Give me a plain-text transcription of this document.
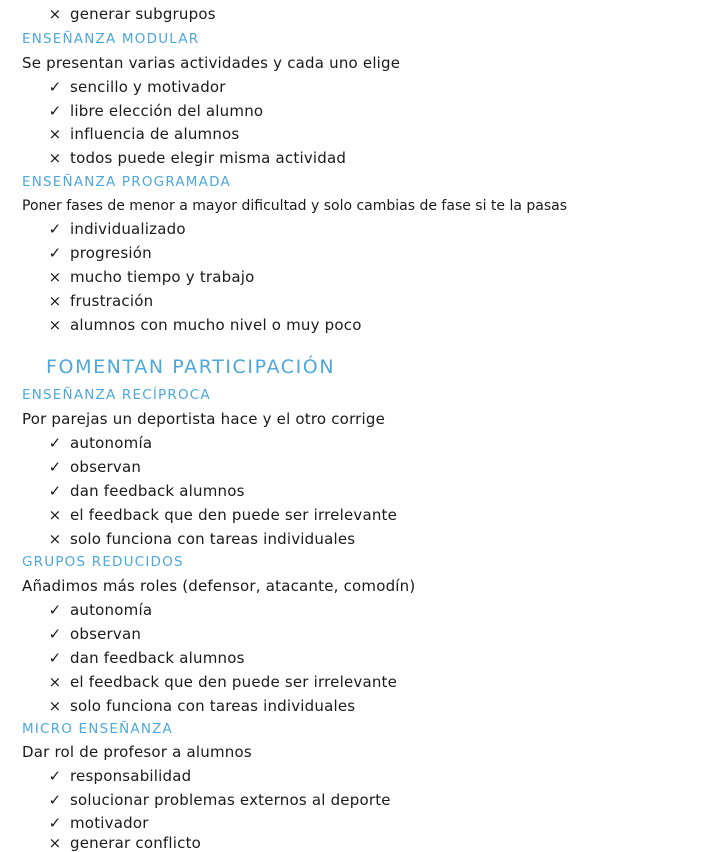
× generar subgrupos
ENSEÑANZA MODULAR
Se presentan varias actividades y cada uno elige
✓ sencillo y motivador
✓ libre elección del alumno
× influencia de alumnos
× todos puede elegir misma actividad
ENSEÑANZA PROGRAMADA
Poner fases de menor a mayor dificultad y solo cambias de fase si te la pasas
✓ individualizado
✓ progresión
× mucho tiempo y trabajo
× frustración
× alumnos con mucho nivel o muy poco
FOMENTAN PARTICIPACIÓN
ENSEÑANZA RECÍPROCA
Por parejas un deportista hace y el otro corrige
✓ autonomía
✓ observan
✓ dan feedback alumnos
× el feedback que den puede ser irrelevante
× solo funciona con tareas individuales
GRUPOS REDUCIDOS
Añadimos más roles (defensor, atacante, comodín)
✓ autonomía
✓ observan
✓ dan feedback alumnos
× el feedback que den puede ser irrelevante
× solo funciona con tareas individuales
MICRO ENSEÑANZA
Dar rol de profesor a alumnos
✓ responsabilidad
✓ solucionar problemas externos al deporte
✓ motivador
× generar conflicto
